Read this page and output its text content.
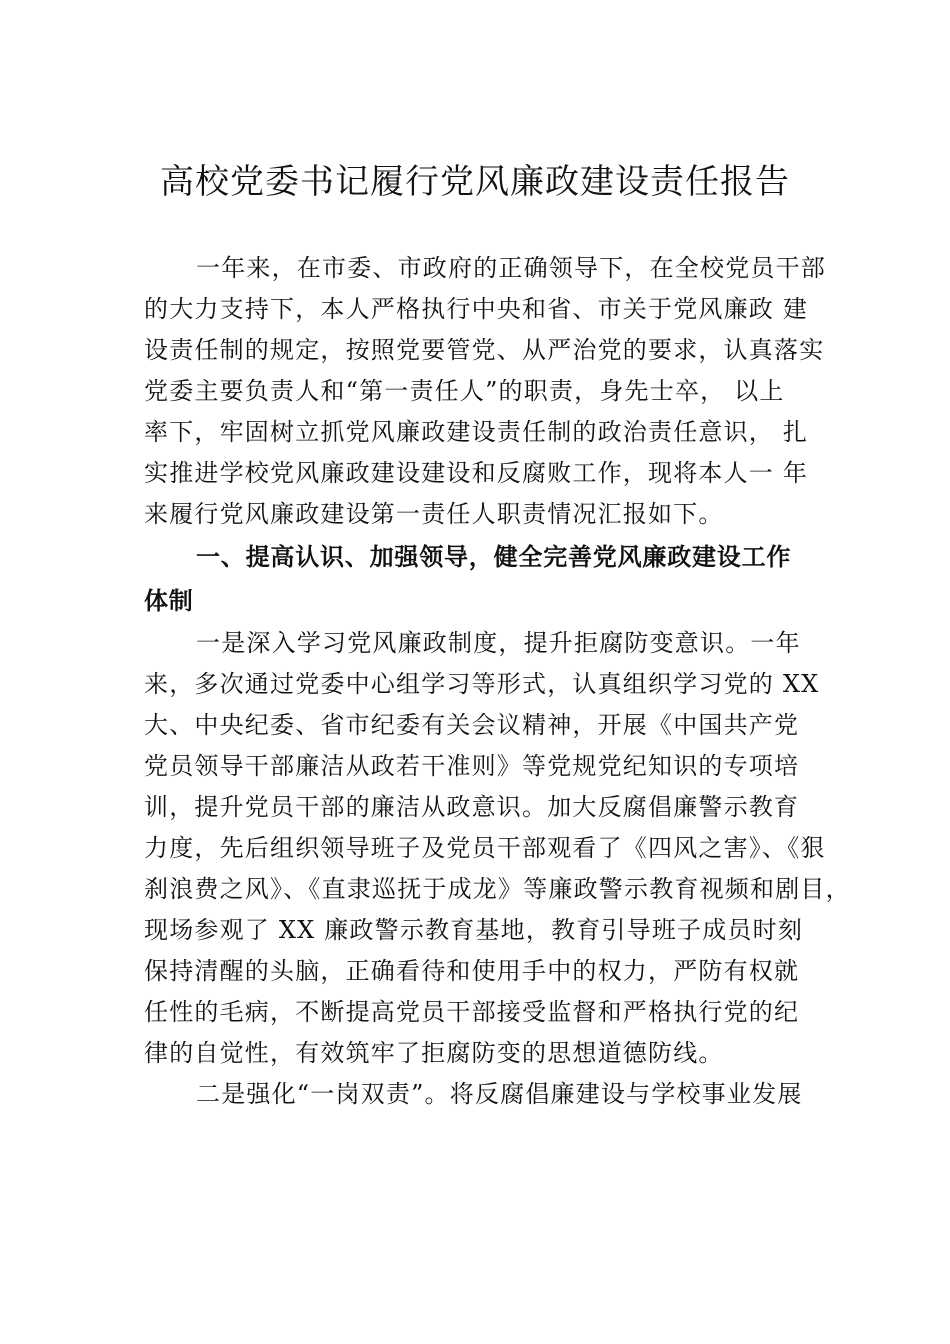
高校党委书记履行党风廉政建设责任报告
一年来，在市委、市政府的正确领导下，在全校党员干部
的大力支持下，本人严格执行中央和省、市关于党风廉政 建
设责任制的规定，按照党要管党、从严治党的要求，认真落实
党委主要负责人和“第一责任人”的职责，身先士卒， 以上
率下，牢固树立抓党风廉政建设责任制的政治责任意识， 扎
实推进学校党风廉政建设建设和反腐败工作，现将本人一 年
来履行党风廉政建设第一责任人职责情况汇报如下。
一、提高认识、加强领导，健全完善党风廉政建设工作
体制
一是深入学习党风廉政制度，提升拒腐防变意识。一年
来，多次通过党委中心组学习等形式，认真组织学习党的 XX
大、中央纪委、省市纪委有关会议精神，开展《中国共产党
党员领导干部廉洁从政若干准则》等党规党纪知识的专项培
训，提升党员干部的廉洁从政意识。加大反腐倡廉警示教育
力度，先后组织领导班子及党员干部观看了《四风之害》、《狠
刹浪费之风》、《直隶巡抚于成龙》等廉政警示教育视频和剧目，
现场参观了 XX 廉政警示教育基地，教育引导班子成员时刻
保持清醒的头脑，正确看待和使用手中的权力，严防有权就
任性的毛病，不断提高党员干部接受监督和严格执行党的纪
律的自觉性，有效筑牢了拒腐防变的思想道德防线。
二是强化“一岗双责”。将反腐倡廉建设与学校事业发展
